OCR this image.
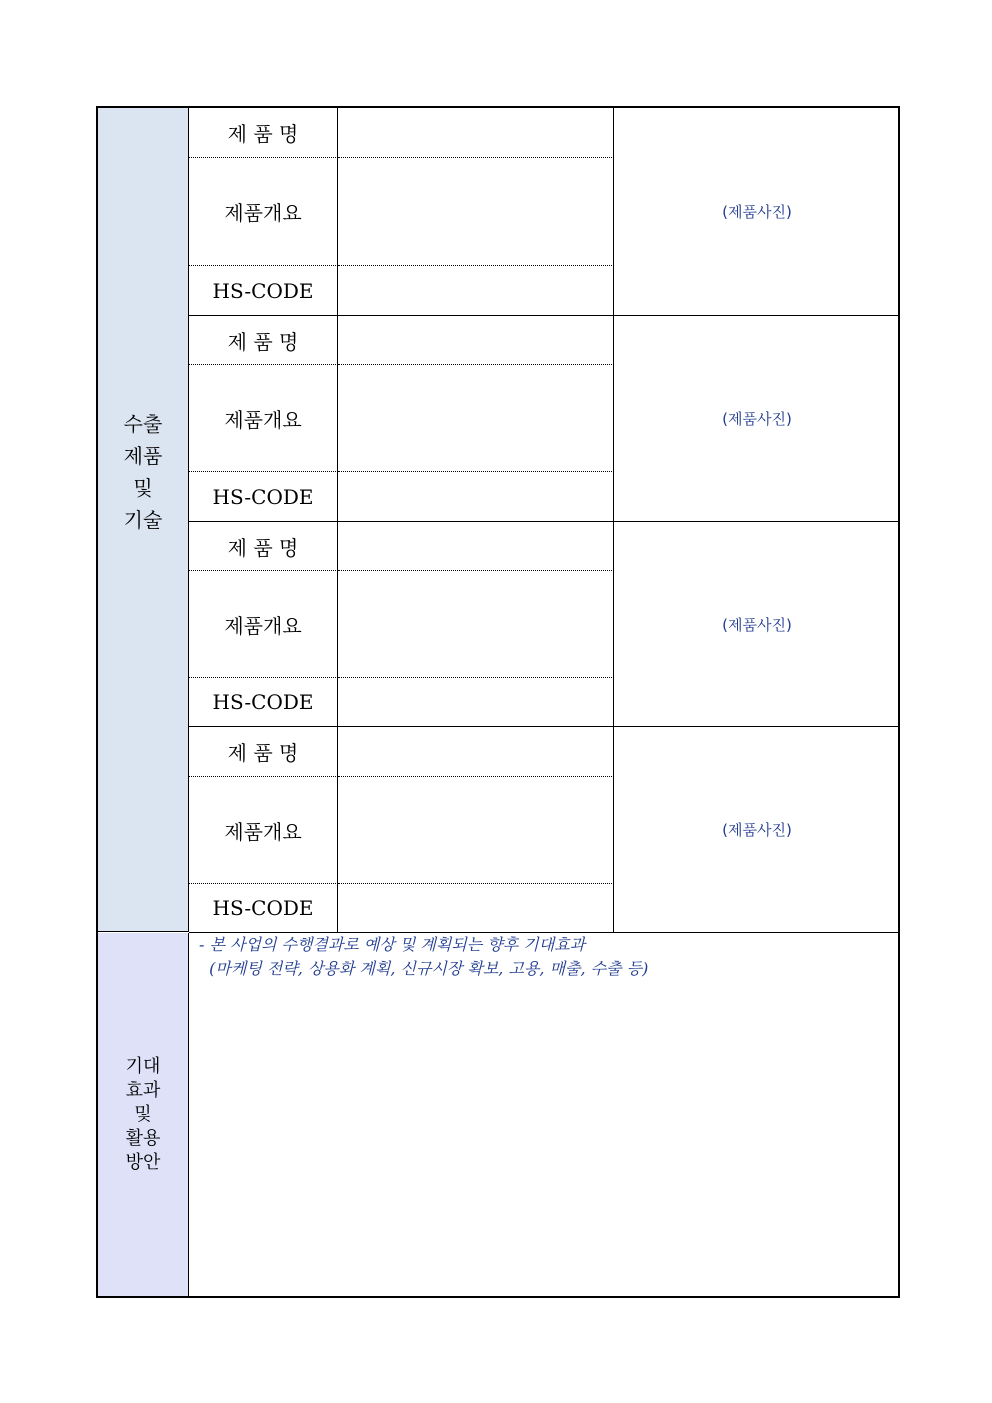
수출
제품
및
기술
제 품 명
제품개요
HS-CODE
(제품사진)
제 품 명
제품개요
HS-CODE
(제품사진)
제 품 명
제품개요
HS-CODE
(제품사진)
제 품 명
제품개요
HS-CODE
(제품사진)
기대
효과
및
활용
방안
- 본 사업의 수행결과로 예상 및 계획되는 향후 기대효과
(마케팅 전략, 상용화 계획, 신규시장 확보, 고용, 매출, 수출 등)
